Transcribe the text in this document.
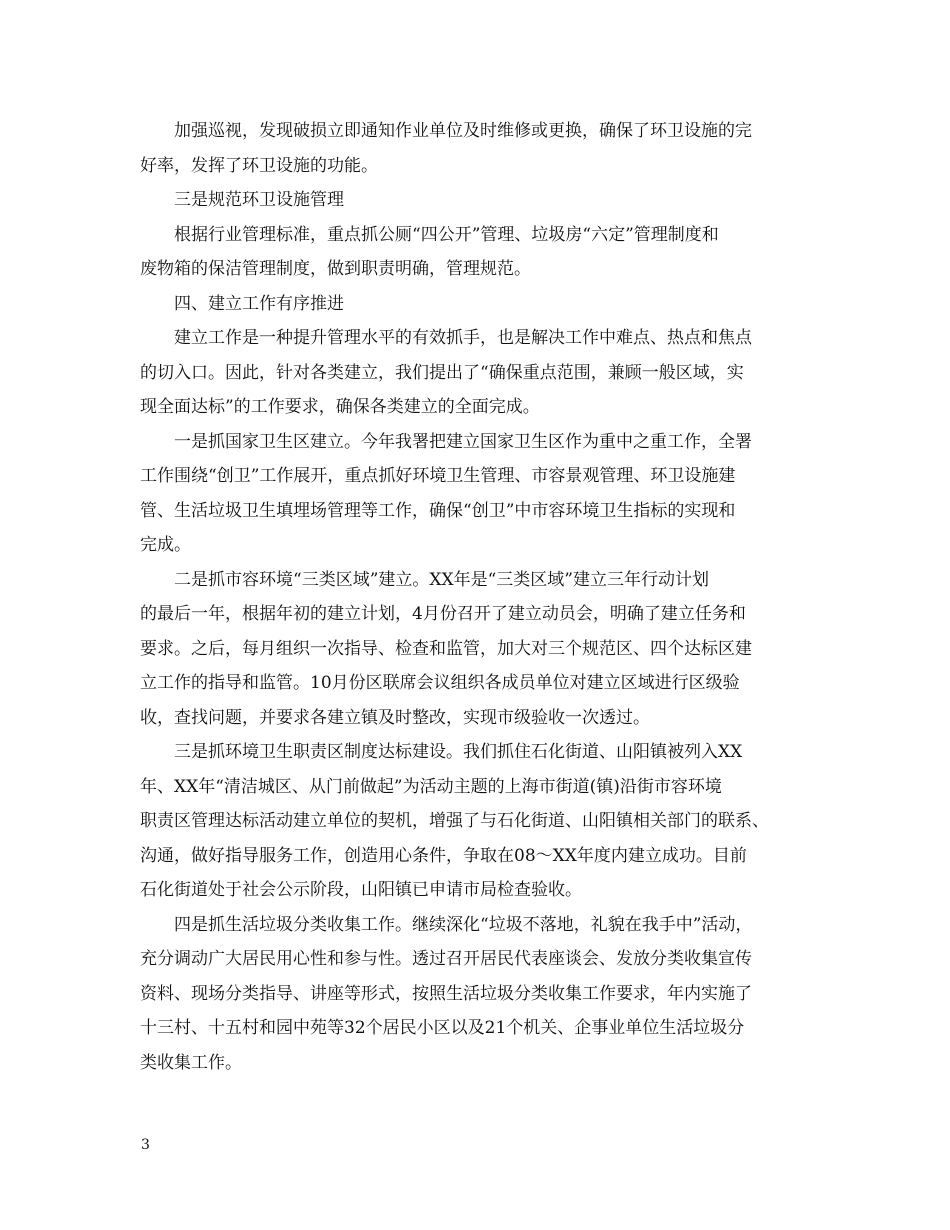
加强巡视，发现破损立即通知作业单位及时维修或更换，确保了环卫设施的完
好率，发挥了环卫设施的功能。

三是规范环卫设施管理

根据行业管理标准，重点抓公厕“四公开”管理、垃圾房“六定”管理制度和
废物箱的保洁管理制度，做到职责明确，管理规范。

四、建立工作有序推进

建立工作是一种提升管理水平的有效抓手，也是解决工作中难点、热点和焦点
的切入口。因此，针对各类建立，我们提出了“确保重点范围，兼顾一般区域，实
现全面达标”的工作要求，确保各类建立的全面完成。

一是抓国家卫生区建立。今年我署把建立国家卫生区作为重中之重工作，全署
工作围绕“创卫”工作展开，重点抓好环境卫生管理、市容景观管理、环卫设施建
管、生活垃圾卫生填埋场管理等工作，确保“创卫”中市容环境卫生指标的实现和
完成。

二是抓市容环境“三类区域”建立。XX年是“三类区域”建立三年行动计划
的最后一年，根据年初的建立计划，4月份召开了建立动员会，明确了建立任务和
要求。之后，每月组织一次指导、检查和监管，加大对三个规范区、四个达标区建
立工作的指导和监管。10月份区联席会议组织各成员单位对建立区域进行区级验
收，查找问题，并要求各建立镇及时整改，实现市级验收一次透过。

三是抓环境卫生职责区制度达标建设。我们抓住石化街道、山阳镇被列入XX
年、XX年“清洁城区、从门前做起”为活动主题的上海市街道(镇)沿街市容环境
职责区管理达标活动建立单位的契机，增强了与石化街道、山阳镇相关部门的联系、
沟通，做好指导服务工作，创造用心条件，争取在08～XX年度内建立成功。目前
石化街道处于社会公示阶段，山阳镇已申请市局检查验收。

四是抓生活垃圾分类收集工作。继续深化“垃圾不落地，礼貌在我手中”活动，
充分调动广大居民用心性和参与性。透过召开居民代表座谈会、发放分类收集宣传
资料、现场分类指导、讲座等形式，按照生活垃圾分类收集工作要求，年内实施了
十三村、十五村和园中苑等32个居民小区以及21个机关、企事业单位生活垃圾分
类收集工作。

3
